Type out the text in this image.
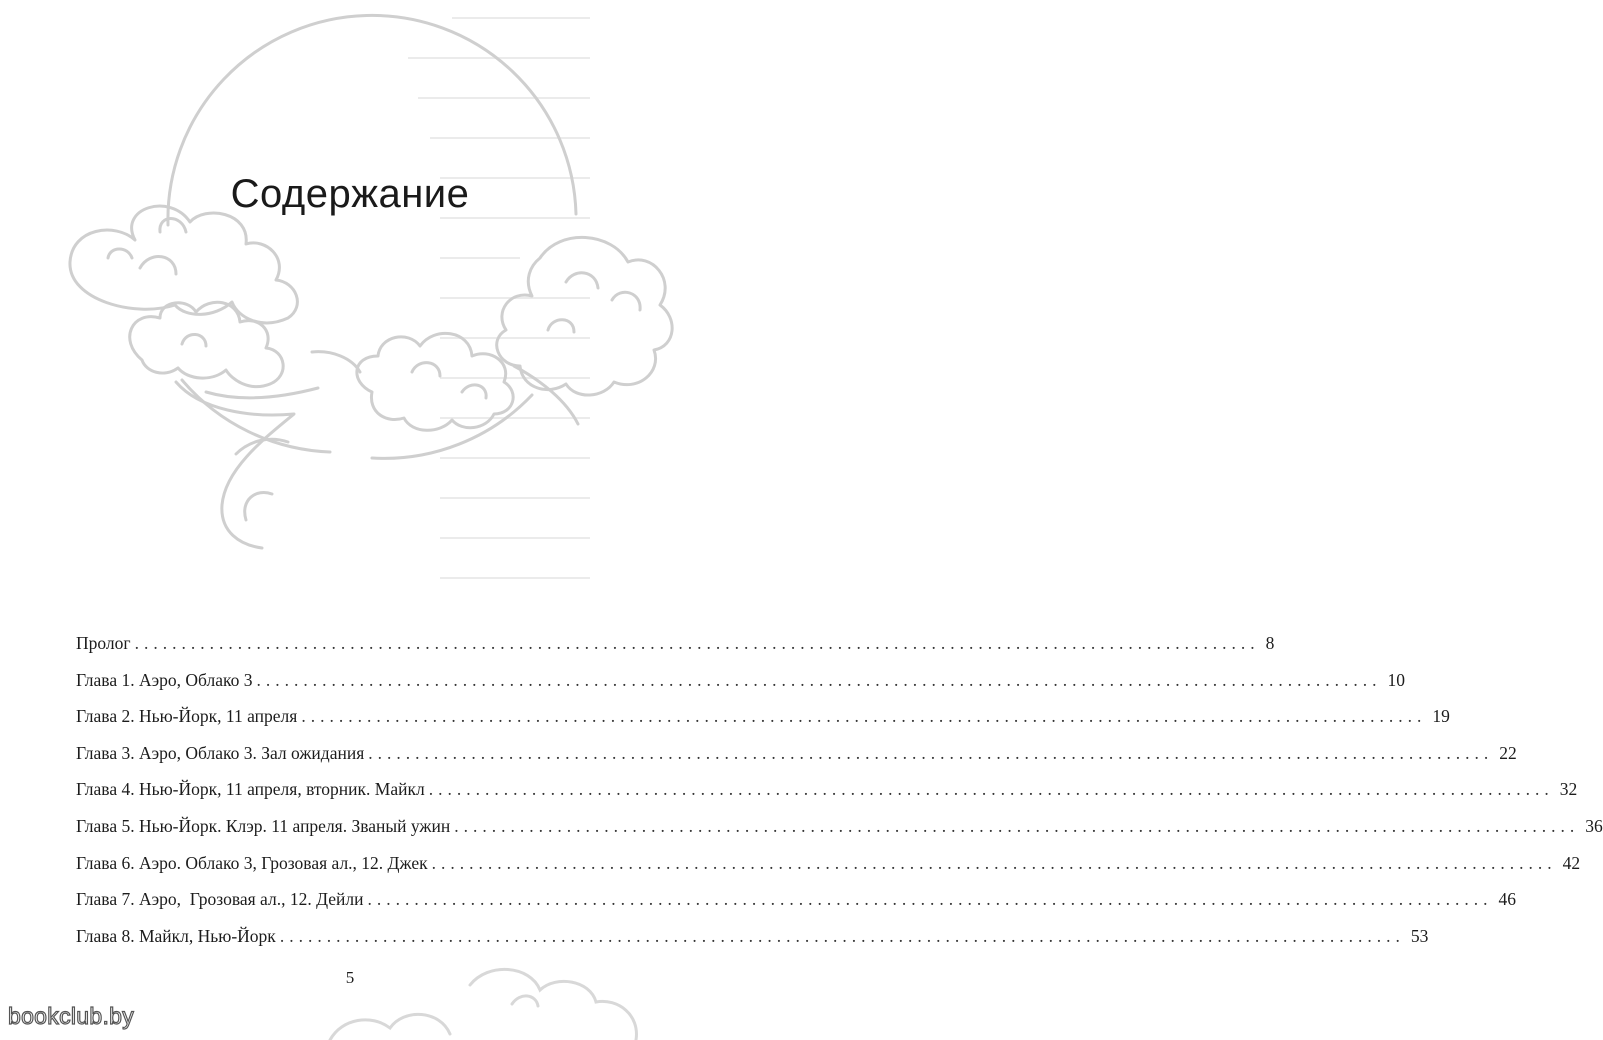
Содержание
Пролог ........................................................................................................................ 8
Глава 1. Аэро, Облако 3 ........................................................................................................................ 10
Глава 2. Нью-Йорк, 11 апреля ........................................................................................................................ 19
Глава 3. Аэро, Облако 3. Зал ожидания ........................................................................................................................ 22
Глава 4. Нью-Йорк, 11 апреля, вторник. Майкл ........................................................................................................................ 32
Глава 5. Нью-Йорк. Клэр. 11 апреля. Званый ужин ........................................................................................................................ 36
Глава 6. Аэро. Облако 3, Грозовая ал., 12. Джек ........................................................................................................................ 42
Глава 7. Аэро,  Грозовая ал., 12. Дейли ........................................................................................................................ 46
Глава 8. Майкл, Нью-Йорк ........................................................................................................................ 53
5
bookclub.by
